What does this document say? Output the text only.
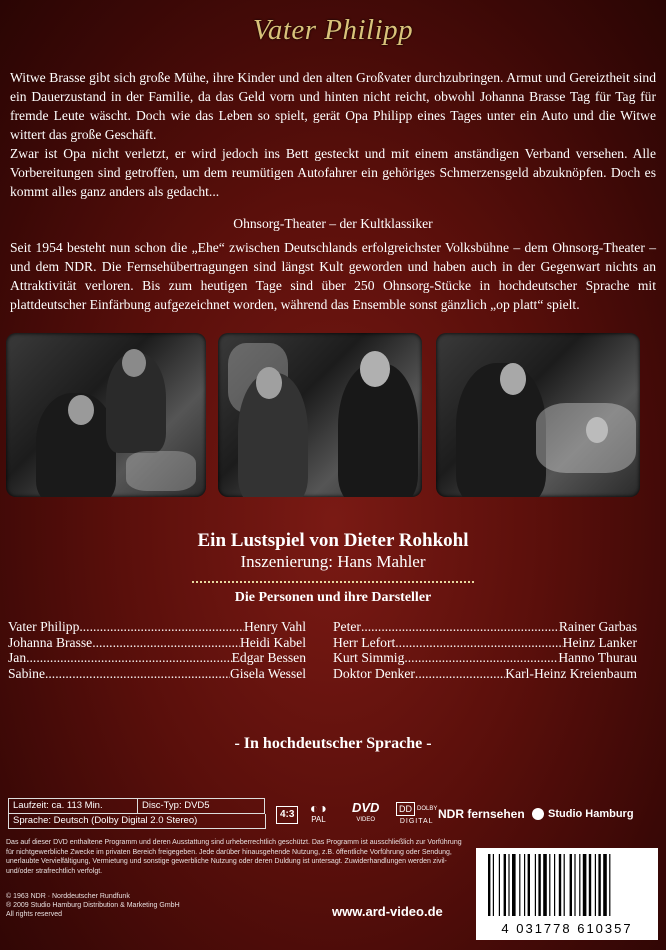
Vater Philipp

Witwe Brasse gibt sich große Mühe, ihre Kinder und den alten Großvater durchzubringen. Armut und Gereiztheit sind ein Dauerzustand in der Familie, da das Geld vorn und hinten nicht reicht, obwohl Johanna Brasse Tag für Tag für fremde Leute wäscht. Doch wie das Leben so spielt, gerät Opa Philipp eines Tages unter ein Auto und die Witwe wittert das große Geschäft.

Zwar ist Opa nicht verletzt, er wird jedoch ins Bett gesteckt und mit einem anständigen Verband versehen. Alle Vorbereitungen sind getroffen, um dem reumütigen Autofahrer ein gehöriges Schmerzensgeld abzuknöpfen. Doch es kommt alles ganz anders als gedacht...

Ohnsorg-Theater – der Kultklassiker
Seit 1954 besteht nun schon die „Ehe“ zwischen Deutschlands erfolgreichster Volksbühne – dem Ohnsorg-Theater – und dem NDR. Die Fernsehübertragungen sind längst Kult geworden und haben auch in der Gegenwart nichts an Attraktivität verloren. Bis zum heutigen Tage sind über 250 Ohnsorg-Stücke in hochdeutscher Sprache mit plattdeutscher Einfärbung aufgezeichnet worden, während das Ensemble sonst gänzlich „op platt“ spielt.
Ein Lustspiel von Dieter Rohkohl
Inszenierung: Hans Mahler
Die Personen und ihre Darsteller
Vater Philipp .....	Henry Vahl
Johanna Brasse .....	Heidi Kabel
Jan .....	Edgar Bessen
Sabine .....	Gisela Wessel
Peter .....	Rainer Garbas
Herr Lefort .....	Heinz Lanker
Kurt Simmig .....	Hanno Thurau
Doktor Denker .....	Karl-Heinz Kreienbaum
- In hochdeutscher Sprache -
Laufzeit: ca. 113 Min.	Disc-Typ: DVD5
Sprache: Deutsch (Dolby Digital 2.0 Stereo)
4:3 ◐◑
PAL
DVD
VIDEO
DD DOLBY
DIGITAL
NDR fernsehen Studio Hamburg
Das auf dieser DVD enthaltene Programm und deren Ausstattung sind urheberrechtlich geschützt. Das Programm ist ausschließlich zur Vorführung für nichtgewerbliche Zwecke im privaten Bereich freigegeben. Jede darüber hinausgehende Nutzung, z.B. öffentliche Vorführung oder Sendung, unerlaubte Vervielfältigung, Vermietung und sonstige gewerbliche Nutzung oder deren Duldung ist untersagt. Zuwiderhandlungen werden zivil- und/oder strafrechtlich verfolgt.
© 1963 NDR · Norddeutscher Rundfunk
® 2009 Studio Hamburg Distribution & Marketing GmbH
All rights reserved	www.ard-video.de
4 031778 610357
